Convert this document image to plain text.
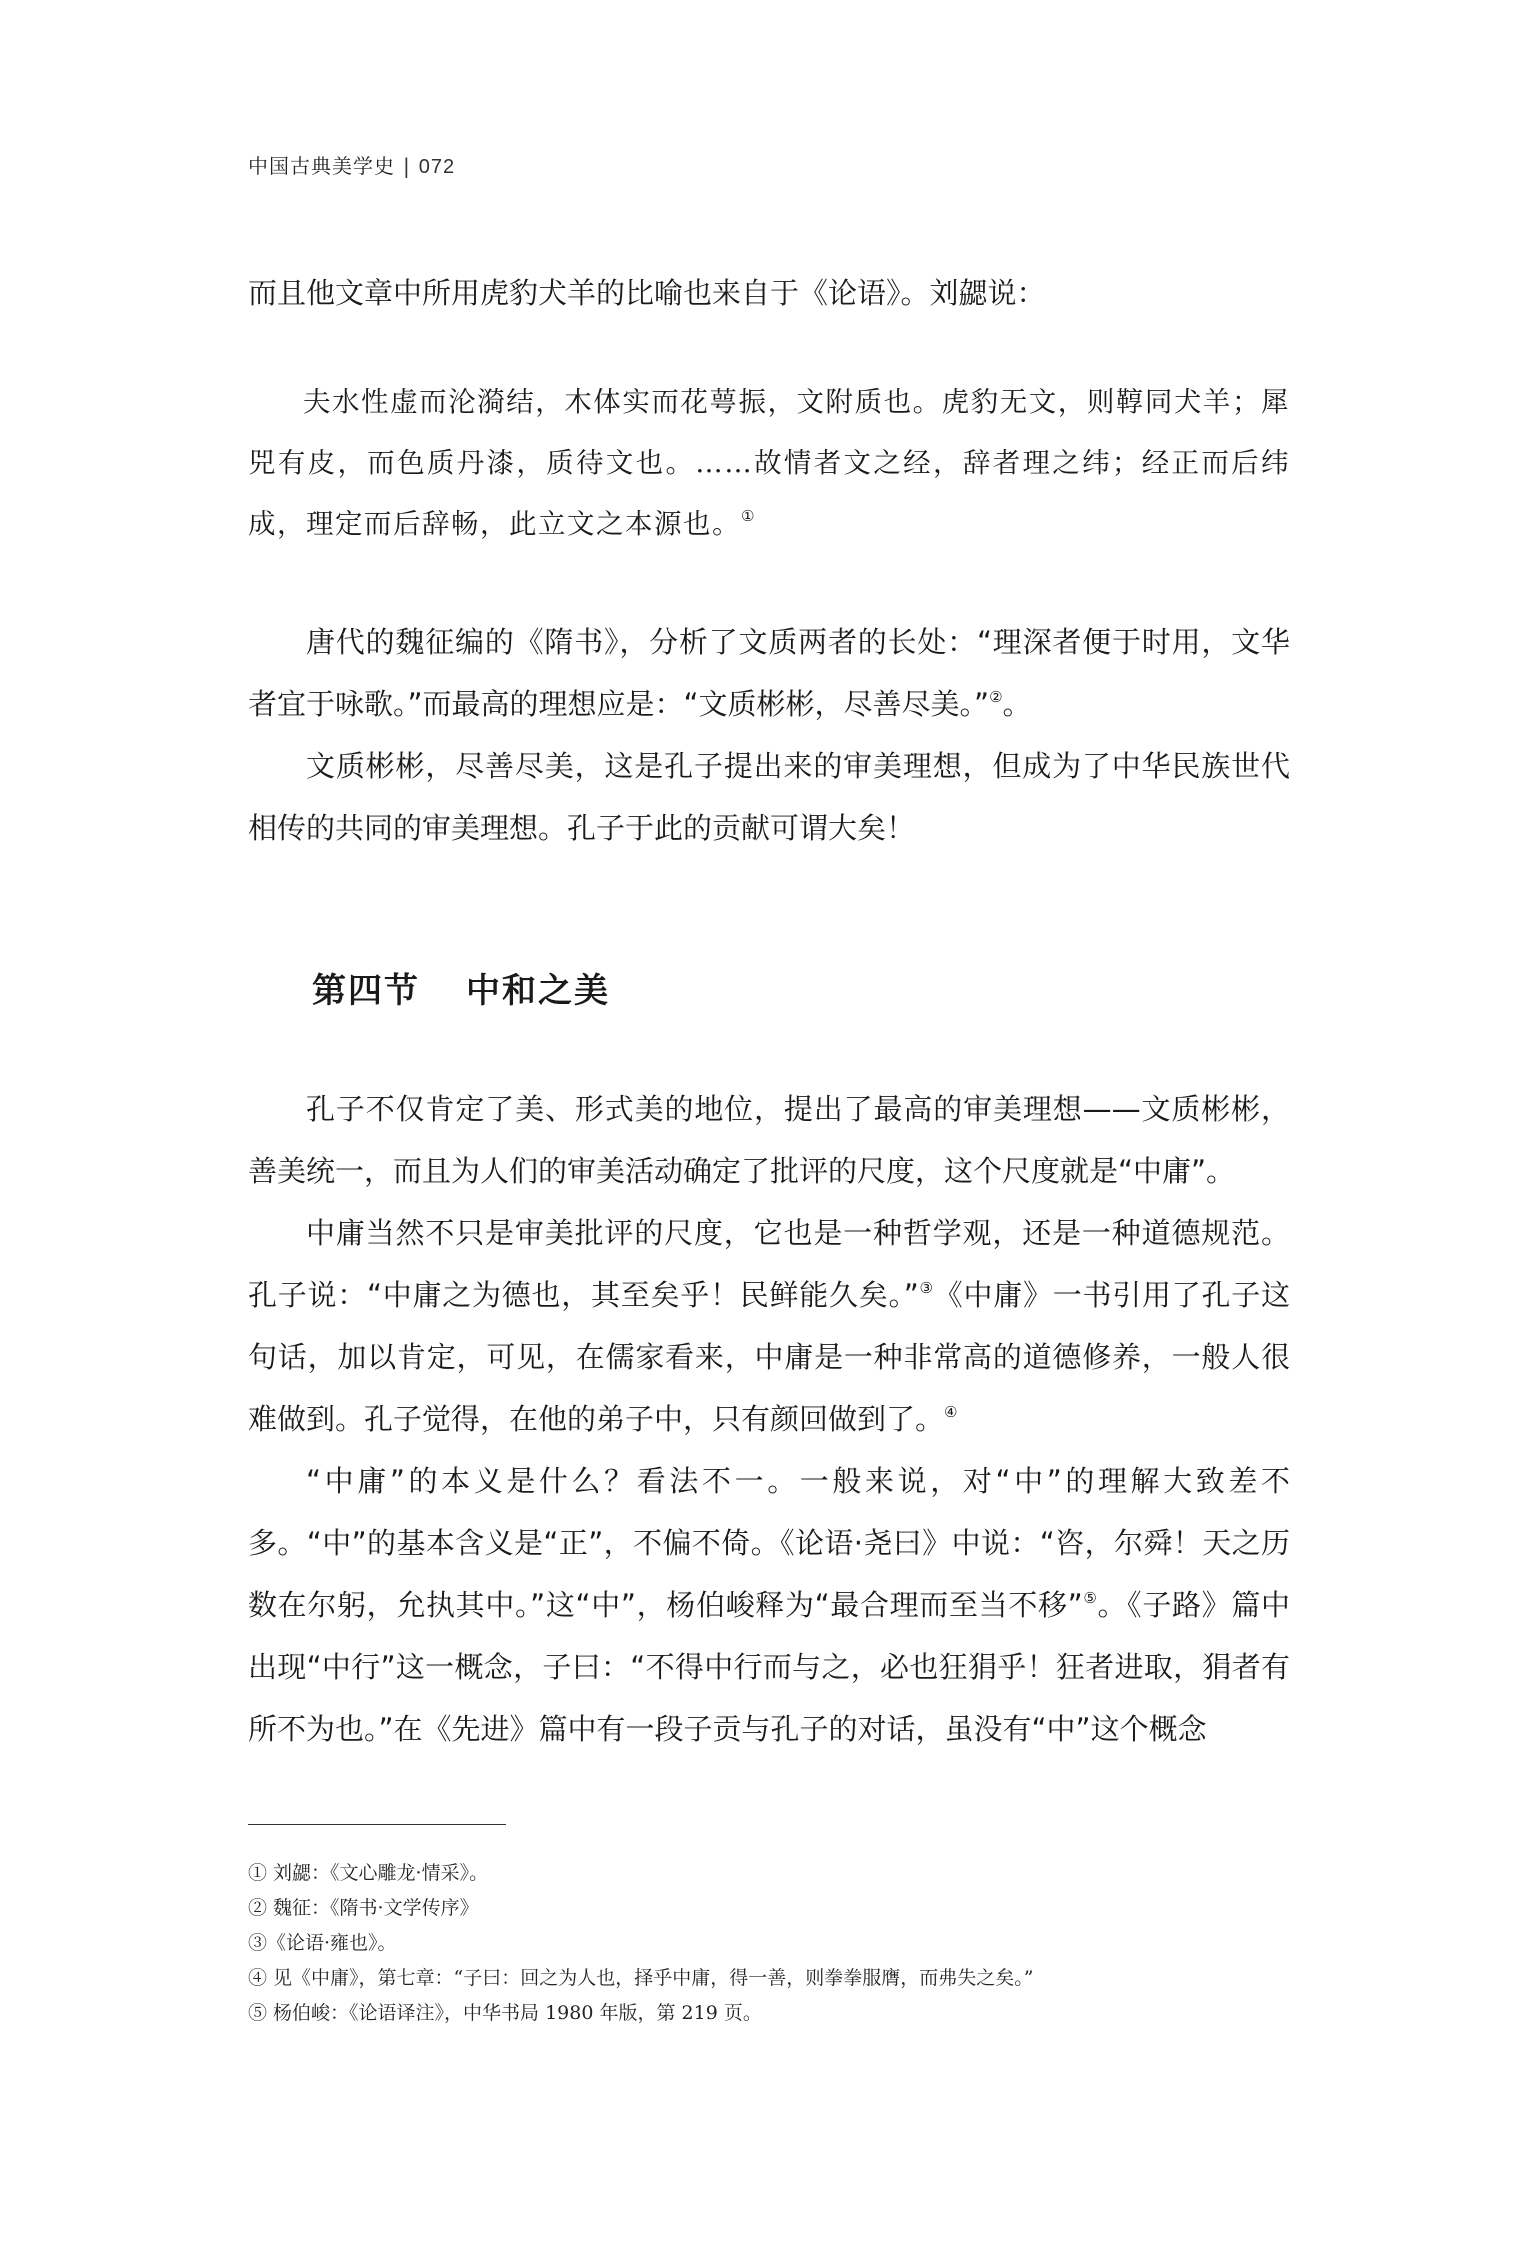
中国古典美学史 | 072

而且他文章中所用虎豹犬羊的比喻也来自于《论语》。刘勰说：

夫水性虚而沦漪结，木体实而花萼振，文附质也。虎豹无文，则鞟同犬羊；犀兕有皮，而色质丹漆，质待文也。……故情者文之经，辞者理之纬；经正而后纬成，理定而后辞畅，此立文之本源也。①

唐代的魏征编的《隋书》，分析了文质两者的长处：“理深者便于时用，文华者宜于咏歌。”而最高的理想应是：“文质彬彬，尽善尽美。”②。

文质彬彬，尽善尽美，这是孔子提出来的审美理想，但成为了中华民族世代相传的共同的审美理想。孔子于此的贡献可谓大矣！

第四节 中和之美

孔子不仅肯定了美、形式美的地位，提出了最高的审美理想——文质彬彬，善美统一，而且为人们的审美活动确定了批评的尺度，这个尺度就是“中庸”。

中庸当然不只是审美批评的尺度，它也是一种哲学观，还是一种道德规范。孔子说：“中庸之为德也，其至矣乎！民鲜能久矣。”③《中庸》一书引用了孔子这句话，加以肯定，可见，在儒家看来，中庸是一种非常高的道德修养，一般人很难做到。孔子觉得，在他的弟子中，只有颜回做到了。④

“中庸”的本义是什么？看法不一。一般来说，对“中”的理解大致差不多。“中”的基本含义是“正”，不偏不倚。《论语·尧曰》中说：“咨，尔舜！天之历数在尔躬，允执其中。”这“中”，杨伯峻释为“最合理而至当不移”⑤。《子路》篇中出现“中行”这一概念，子曰：“不得中行而与之，必也狂狷乎！狂者进取，狷者有所不为也。”在《先进》篇中有一段子贡与孔子的对话，虽没有“中”这个概念

① 刘勰：《文心雕龙·情采》。

② 魏征：《隋书·文学传序》

③《论语·雍也》。

④ 见《中庸》，第七章：“子曰：回之为人也，择乎中庸，得一善，则拳拳服膺，而弗失之矣。”

⑤ 杨伯峻：《论语译注》，中华书局 1980 年版，第 219 页。
